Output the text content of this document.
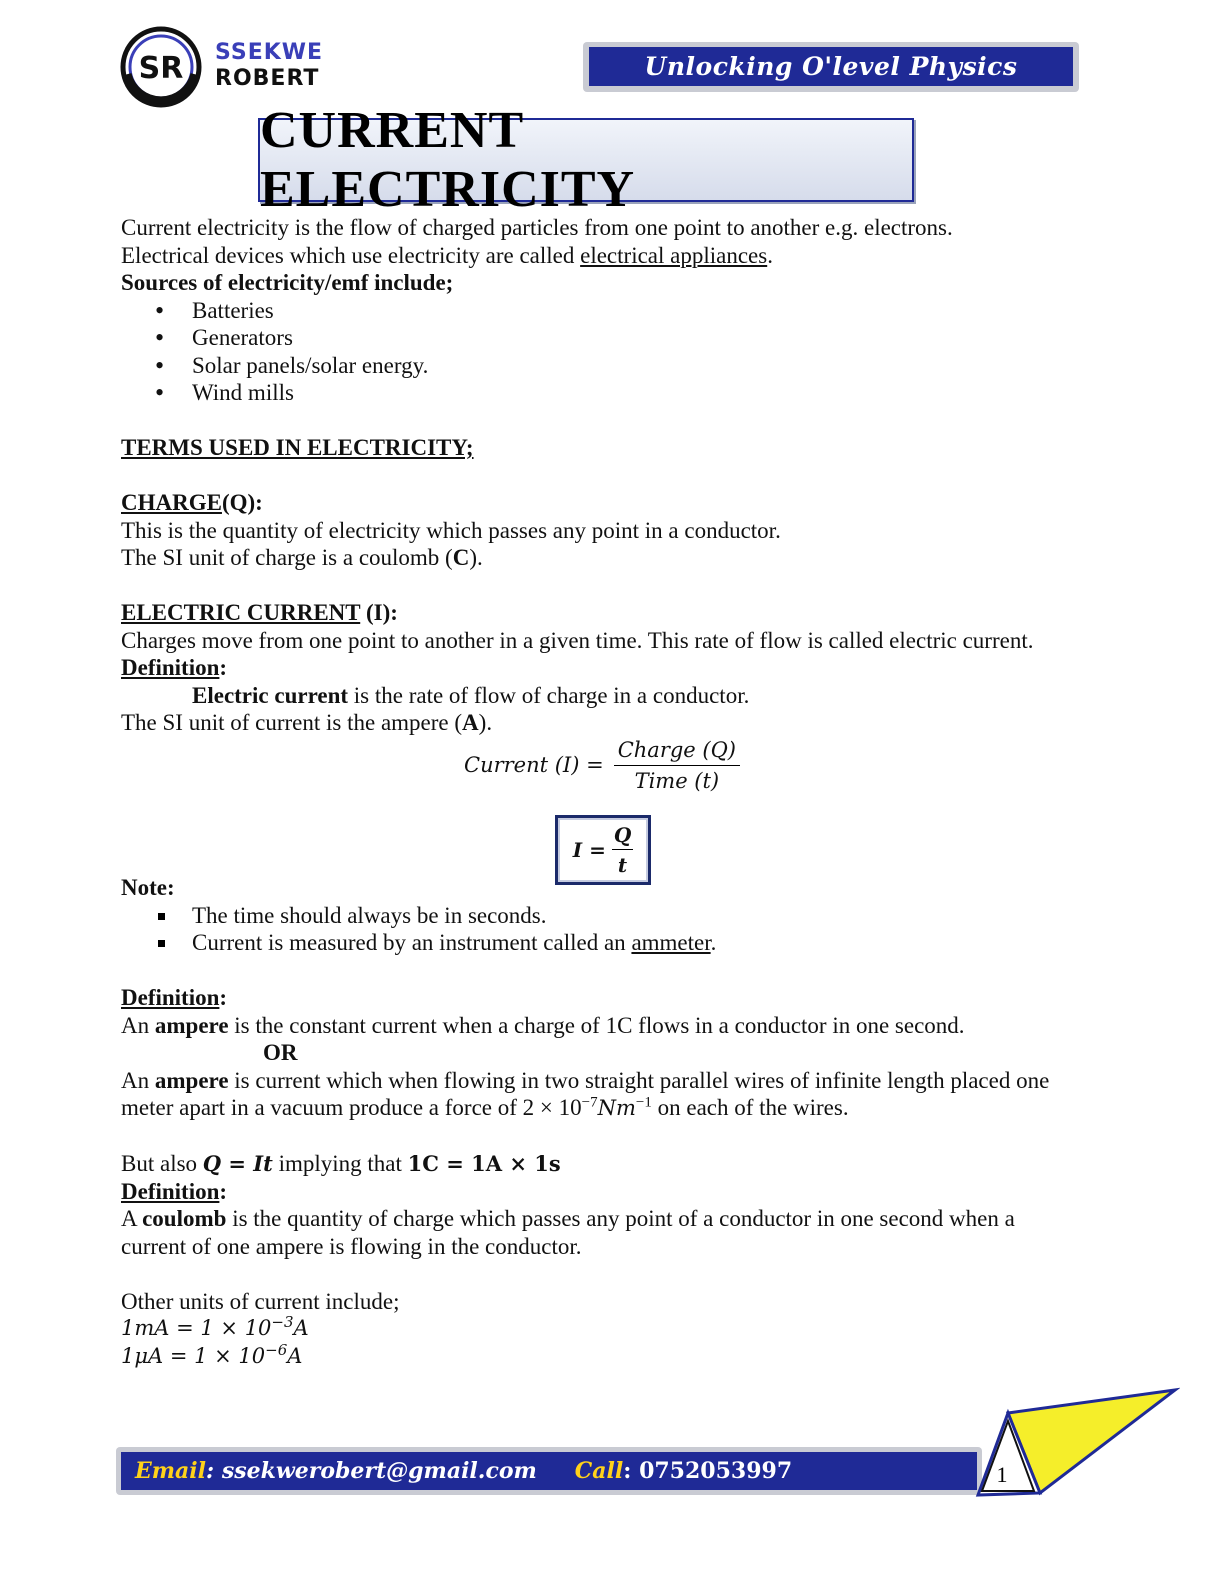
SR SSEKWE
ROBERT	Unlocking O'level Physics
CURRENT ELECTRICITY

Current electricity is the flow of charged particles from one point to another e.g. electrons.

Electrical devices which use electricity are called electrical appliances.

Sources of electricity/emf include;

• Batteries
• Generators
• Solar panels/solar energy.
• Wind mills

TERMS USED IN ELECTRICITY;

CHARGE(Q):

This is the quantity of electricity which passes any point in a conductor.

The SI unit of charge is a coulomb (C).

ELECTRIC CURRENT (I):

Charges move from one point to another in a given time. This rate of flow is called electric current.

Definition:

Electric current is the rate of flow of charge in a conductor.

The SI unit of current is the ampere (A).

Current $(I) = \frac{\text{Charge (Q)}}{\text{Time (t)}}$
$I = \frac{Q}{t}$

Note:

The time should always be in seconds.
Current is measured by an instrument called an ammeter.

Definition:

An ampere is the constant current when a charge of 1C flows in a conductor in one second.

OR

An ampere is current which when flowing in two straight parallel wires of infinite length placed one

meter apart in a vacuum produce a force of $2 \times 10^{-7}Nm^{-1}$ on each of the wires.

But also Q = It implying that 1C = 1A × 1s

Definition:

A coulomb is the quantity of charge which passes any point of a conductor in one second when a

current of one ampere is flowing in the conductor.

Other units of current include;

$1mA = 1 \times 10^{-3}A$

$1\mu A = 1 \times 10^{-6}A$

Email : ssekwerobert@gmail.com Call : 0752053997	1
